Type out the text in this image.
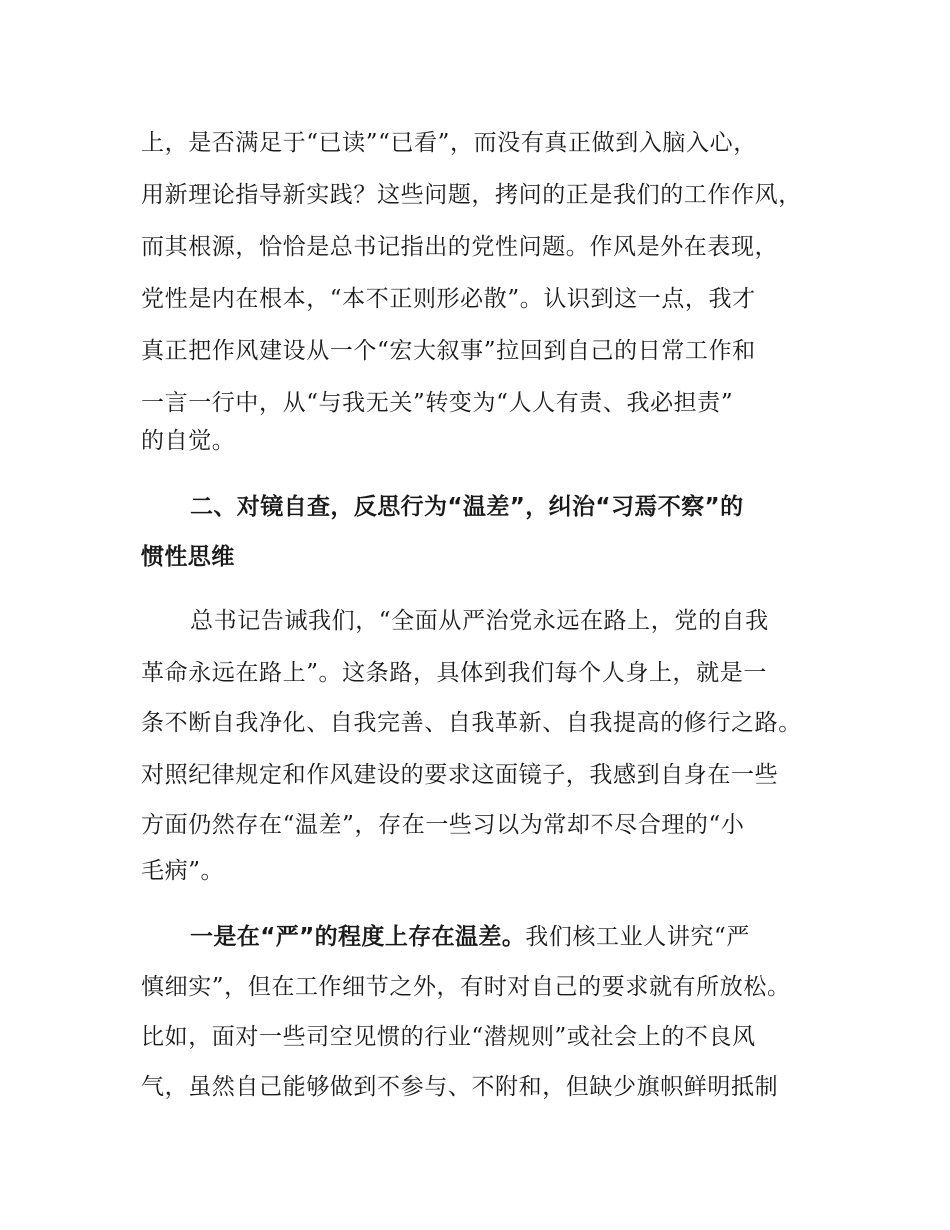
上，是否满足于“已读”“已看”，而没有真正做到入脑入心，
用新理论指导新实践？这些问题，拷问的正是我们的工作作风，
而其根源，恰恰是总书记指出的党性问题。作风是外在表现，
党性是内在根本，“本不正则形必散”。认识到这一点，我才
真正把作风建设从一个“宏大叙事”拉回到自己的日常工作和
一言一行中，从“与我无关”转变为“人人有责、我必担责”
的自觉。
二、对镜自查，反思行为“温差”，纠治“习焉不察”的
惯性思维
总书记告诫我们，“全面从严治党永远在路上，党的自我
革命永远在路上”。这条路，具体到我们每个人身上，就是一
条不断自我净化、自我完善、自我革新、自我提高的修行之路。
对照纪律规定和作风建设的要求这面镜子，我感到自身在一些
方面仍然存在“温差”，存在一些习以为常却不尽合理的“小
毛病”。
一是在“严”的程度上存在温差。我们核工业人讲究“严
慎细实”，但在工作细节之外，有时对自己的要求就有所放松。
比如，面对一些司空见惯的行业“潜规则”或社会上的不良风
气，虽然自己能够做到不参与、不附和，但缺少旗帜鲜明抵制
